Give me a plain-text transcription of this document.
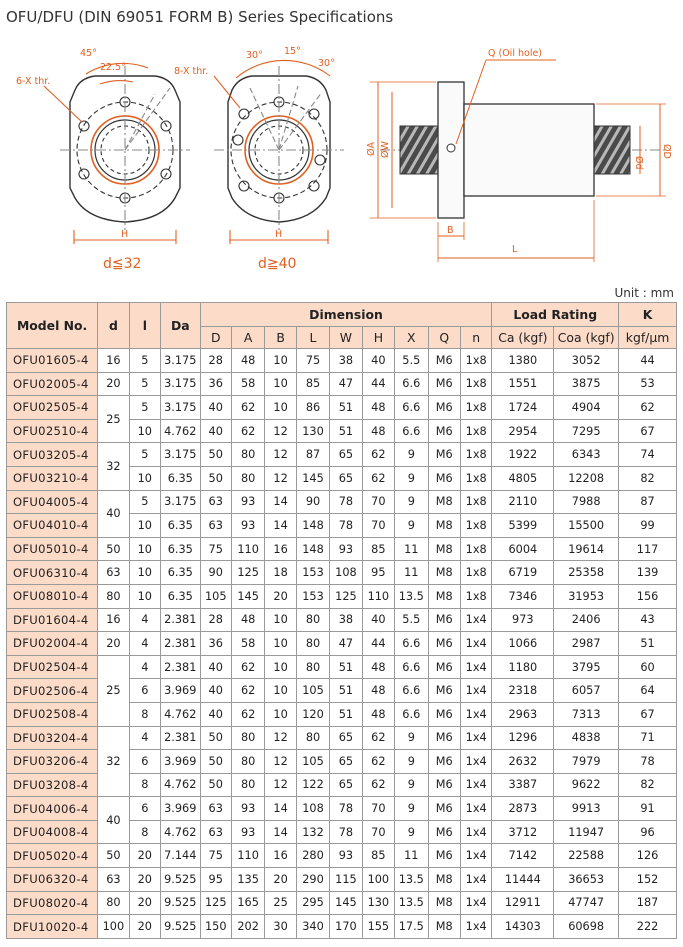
OFU/DFU (DIN 69051 FORM B) Series Specifications
6-X thr.
45°
22.5°
H
d≦32
8-X thr.
30° 15°
30°
H
d≧40
Q (Oil hole)
ØA ØW
Ød
ØD
B
L
Unit : mm
Model No.	d	l	Da	Dimension									Load Rating		K
				D	A	B	L	W	H	X	Q	n	Ca (kgf)	Coa (kgf)	kgf/μm
OFU01605-4	16	5	3.175	28	48	10	75	38	40	5.5	M6	1x8	1380	3052	44
OFU02005-4	20	5	3.175	36	58	10	85	47	44	6.6	M6	1x8	1551	3875	53
OFU02505-4	25	5	3.175	40	62	10	86	51	48	6.6	M6	1x8	1724	4904	62
OFU02510-4		10	4.762	40	62	12	130	51	48	6.6	M6	1x8	2954	7295	67
OFU03205-4	32	5	3.175	50	80	12	87	65	62	9	M6	1x8	1922	6343	74
OFU03210-4		10	6.35	50	80	12	145	65	62	9	M6	1x8	4805	12208	82
OFU04005-4	40	5	3.175	63	93	14	90	78	70	9	M8	1x8	2110	7988	87
OFU04010-4		10	6.35	63	93	14	148	78	70	9	M8	1x8	5399	15500	99
OFU05010-4	50	10	6.35	75	110	16	148	93	85	11	M8	1x8	6004	19614	117
OFU06310-4	63	10	6.35	90	125	18	153	108	95	11	M8	1x8	6719	25358	139
OFU08010-4	80	10	6.35	105	145	20	153	125	110	13.5	M8	1x8	7346	31953	156
DFU01604-4	16	4	2.381	28	48	10	80	38	40	5.5	M6	1x4	973	2406	43
DFU02004-4	20	4	2.381	36	58	10	80	47	44	6.6	M6	1x4	1066	2987	51
DFU02504-4	25	4	2.381	40	62	10	80	51	48	6.6	M6	1x4	1180	3795	60
DFU02506-4		6	3.969	40	62	10	105	51	48	6.6	M6	1x4	2318	6057	64
DFU02508-4		8	4.762	40	62	10	120	51	48	6.6	M6	1x4	2963	7313	67
DFU03204-4	32	4	2.381	50	80	12	80	65	62	9	M6	1x4	1296	4838	71
DFU03206-4		6	3.969	50	80	12	105	65	62	9	M6	1x4	2632	7979	78
DFU03208-4		8	4.762	50	80	12	122	65	62	9	M6	1x4	3387	9622	82
DFU04006-4	40	6	3.969	63	93	14	108	78	70	9	M6	1x4	2873	9913	91
DFU04008-4		8	4.762	63	93	14	132	78	70	9	M6	1x4	3712	11947	96
DFU05020-4	50	20	7.144	75	110	16	280	93	85	11	M6	1x4	7142	22588	126
DFU06320-4	63	20	9.525	95	135	20	290	115	100	13.5	M8	1x4	11444	36653	152
DFU08020-4	80	20	9.525	125	165	25	295	145	130	13.5	M8	1x4	12911	47747	187
DFU10020-4	100	20	9.525	150	202	30	340	170	155	17.5	M8	1x4	14303	60698	222
